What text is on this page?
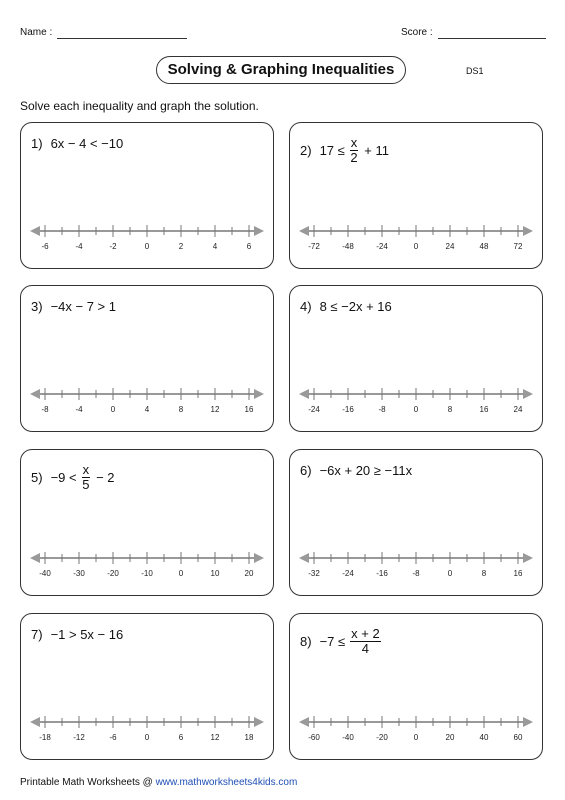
Name :	Score :
Solving & Graphing Inequalities	DS1
Solve each inequality and graph the solution.
1) 6x − 4 < −10
-6	-4	-2	0	2	4	6
2) $17 \le \frac{x}{2} + 11$
-72	-48	-24	0	24	48	72
3) −4x − 7 > 1
-8	-4	0	4	8	12	16
4) 8 ≤ −2x + 16
-24	-16	-8	0	8	16	24
$5) -9 < \frac{x}{5} - 2$
-40	-30	-20	-10	0	10	20
6) −6x + 20 ≥ −11x
-32	-24	-16	-8	0	8	16
7) −1 > 5x − 16
-18	-12	-6	0	6	12	18
$8) -7 \le \frac{x + 2}{4}$
-60	-40	-20	0	20	40	60
Printable Math Worksheets @ www.mathworksheets4kids.com
